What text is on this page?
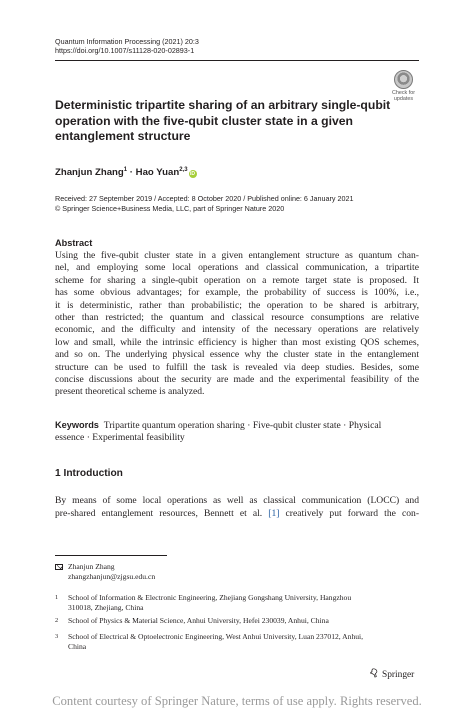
Quantum Information Processing (2021) 20:3
https://doi.org/10.1007/s11128-020-02893-1
Check for
updates
Deterministic tripartite sharing of an arbitrary single-qubit
operation with the five-qubit cluster state in a given
entanglement structure
Zhanjun Zhang$^1$ · Hao Yuan$^{2,3}$iD
Received: 27 September 2019 / Accepted: 8 October 2020 / Published online: 6 January 2021
© Springer Science+Business Media, LLC, part of Springer Nature 2020
Abstract
Using the five-qubit cluster state in a given entanglement structure as quantum chan-
nel, and employing some local operations and classical communication, a tripartite
scheme for sharing a single-qubit operation on a remote target state is proposed. It
has some obvious advantages; for example, the probability of success is 100%, i.e.,
it is deterministic, rather than probabilistic; the operation to be shared is arbitrary,
other than restricted; the quantum and classical resource consumptions are relative
economic, and the difficulty and intensity of the necessary operations are relatively
low and small, while the intrinsic efficiency is higher than most existing QOS schemes,
and so on. The underlying physical essence why the cluster state in the entanglement
structure can be used to fulfill the task is revealed via deep studies. Besides, some
concise discussions about the security are made and the experimental feasibility of the
present theoretical scheme is analyzed.
Keywords Tripartite quantum operation sharing · Five-qubit cluster state · Physical
essence · Experimental feasibility
1 Introduction
By means of some local operations as well as classical communication (LOCC) and
pre-shared entanglement resources, Bennett et al. [1] creatively put forward the con-
Zhanjun Zhang
zhangzhanjun@zjgsu.edu.cn
1 School of Information & Electronic Engineering, Zhejiang Gongshang University, Hangzhou
310018, Zhejiang, China
2 School of Physics & Material Science, Anhui University, Hefei 230039, Anhui, China
3 School of Electrical & Optoelectronic Engineering, West Anhui University, Luan 237012, Anhui,
China
Springer
Content courtesy of Springer Nature, terms of use apply. Rights reserved.
